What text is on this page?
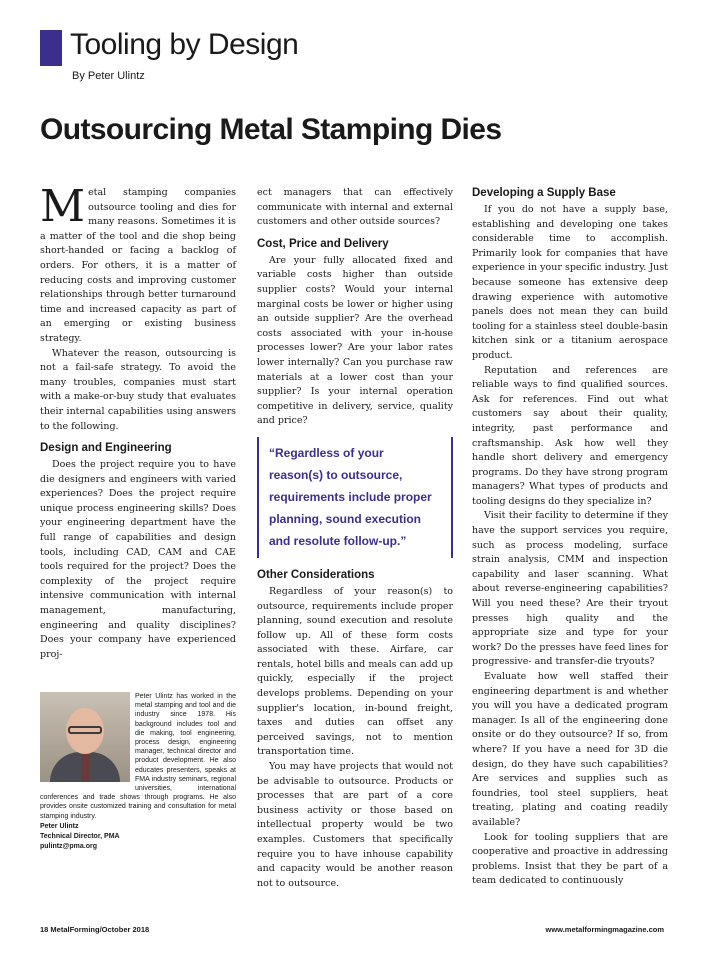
Tooling by Design
By Peter Ulintz
Outsourcing Metal Stamping Dies

Metal stamping companies outsource tooling and dies for many reasons. Sometimes it is a matter of the tool and die shop being short-handed or facing a backlog of orders. For others, it is a matter of reducing costs and improving customer relationships through better turnaround time and increased capacity as part of an emerging or existing business strategy.

Whatever the reason, outsourcing is not a fail-safe strategy. To avoid the many troubles, companies must start with a make-or-buy study that evaluates their internal capabilities using answers to the following.

Design and Engineering

Does the project require you to have die designers and engineers with varied experiences? Does the project require unique process engineering skills? Does your engineering department have the full range of capabilities and design tools, including CAD, CAM and CAE tools required for the project? Does the complexity of the project require intensive communication with internal management, manufacturing, engineering and quality disciplines? Does your company have experienced proj-

Peter Ulintz has worked in the metal stamping and tool and die industry since 1978. His background includes tool and die making, tool engineering, process design, engineering manager, technical director and product development. He also educates presenters, speaks at FMA industry seminars, regional universities, international conferences and trade shows through programs. He also provides onsite customized training and consultation for metal stamping industry.
Peter Ulintz
Technical Director, PMA
pulintz@pma.org

ect managers that can effectively communicate with internal and external customers and other outside sources?

Cost, Price and Delivery

Are your fully allocated fixed and variable costs higher than outside supplier costs? Would your internal marginal costs be lower or higher using an outside supplier? Are the overhead costs associated with your in-house processes lower? Are your labor rates lower internally? Can you purchase raw materials at a lower cost than your supplier? Is your internal operation competitive in delivery, service, quality and price?

“Regardless of your reason(s) to outsource, requirements include proper planning, sound execution and resolute follow-up.”
Other Considerations

Regardless of your reason(s) to outsource, requirements include proper planning, sound execution and resolute follow up. All of these form costs associated with these. Airfare, car rentals, hotel bills and meals can add up quickly, especially if the project develops problems. Depending on your supplier's location, in-bound freight, taxes and duties can offset any perceived savings, not to mention transportation time.

You may have projects that would not be advisable to outsource. Products or processes that are part of a core business activity or those based on intellectual property would be two examples. Customers that specifically require you to have inhouse capability and capacity would be another reason not to outsource.

Developing a Supply Base

If you do not have a supply base, establishing and developing one takes considerable time to accomplish. Primarily look for companies that have experience in your specific industry. Just because someone has extensive deep drawing experience with automotive panels does not mean they can build tooling for a stainless steel double-basin kitchen sink or a titanium aerospace product.

Reputation and references are reliable ways to find qualified sources. Ask for references. Find out what customers say about their quality, integrity, past performance and craftsmanship. Ask how well they handle short delivery and emergency programs. Do they have strong program managers? What types of products and tooling designs do they specialize in?

Visit their facility to determine if they have the support services you require, such as process modeling, surface strain analysis, CMM and inspection capability and laser scanning. What about reverse-engineering capabilities? Will you need these? Are their tryout presses high quality and the appropriate size and type for your work? Do the presses have feed lines for progressive- and transfer-die tryouts?

Evaluate how well staffed their engineering department is and whether you will you have a dedicated program manager. Is all of the engineering done onsite or do they outsource? If so, from where? If you have a need for 3D die design, do they have such capabilities? Are services and supplies such as foundries, tool steel suppliers, heat treating, plating and coating readily available?

Look for tooling suppliers that are cooperative and proactive in addressing problems. Insist that they be part of a team dedicated to continuously

18 MetalForming/October 2018	www.metalformingmagazine.com
